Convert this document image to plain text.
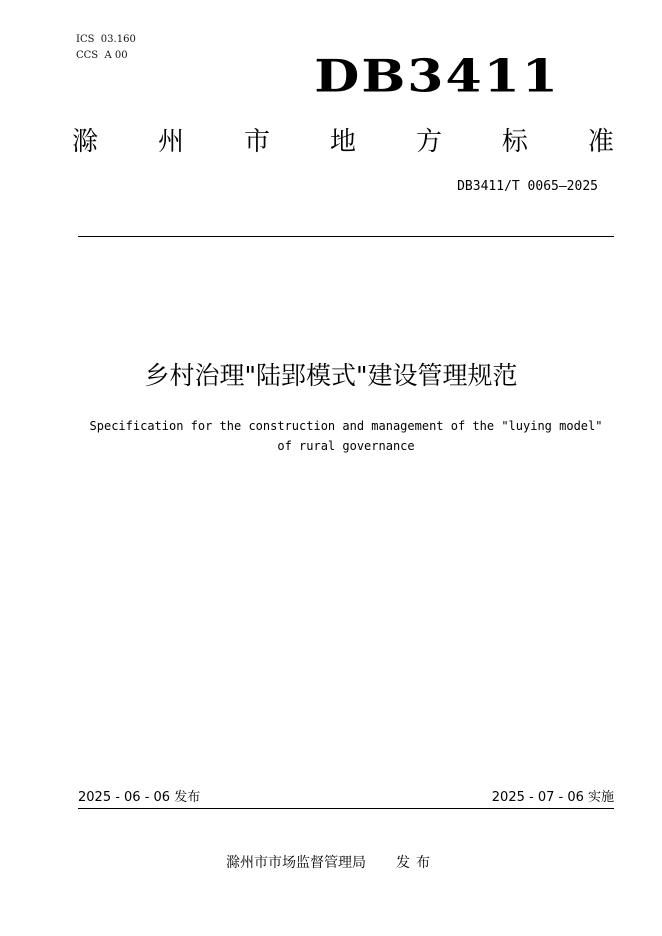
ICS  03.160
CCS  A 00	DB3411
滁 州 市 地 方 标 准
DB3411/T 0065—2025
乡村治理"陆郢模式"建设管理规范
Specification for the construction and management of the "luying model"
of rural governance
2025 - 06 - 06 发布	2025 - 07 - 06 实施
滁州市市场监督管理局 发布
